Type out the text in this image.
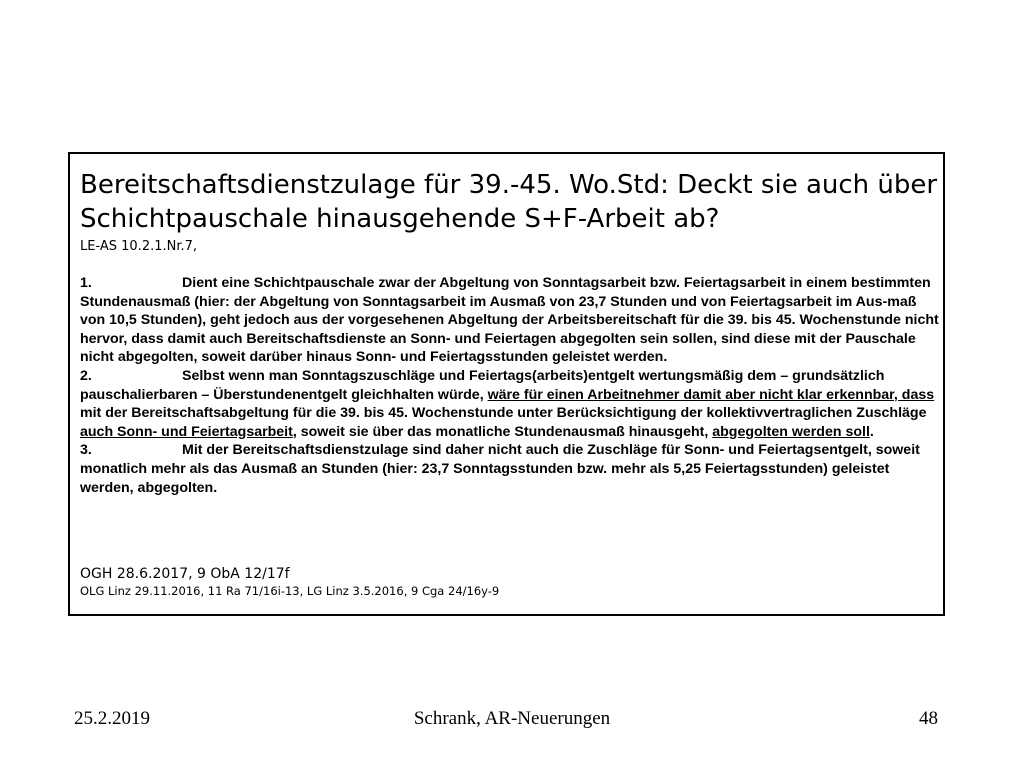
Bereitschaftsdienstzulage für 39.-45. Wo.Std: Deckt sie auch über Schichtpauschale hinausgehende S+F-Arbeit ab?
LE-AS 10.2.1.Nr.7,

1.	Dient eine Schichtpauschale zwar der Abgeltung von Sonntagsarbeit bzw. Feiertagsarbeit in einem bestimmten Stundenausmaß (hier: der Abgeltung von Sonntagsarbeit im Ausmaß von 23,7 Stunden und von Feiertagsarbeit im Aus-maß von 10,5 Stunden), geht jedoch aus der vorgesehenen Abgeltung der Arbeitsbereitschaft für die 39. bis 45. Wochenstunde nicht hervor, dass damit auch Bereitschaftsdienste an Sonn- und Feiertagen abgegolten sein sollen, sind diese mit der Pauschale nicht abgegolten, soweit darüber hinaus Sonn- und Feiertagsstunden geleistet werden.

2.	Selbst wenn man Sonntagszuschläge und Feiertags(arbeits)entgelt wertungsmäßig dem – grundsätzlich pauschalierbaren – Überstundenentgelt gleichhalten würde, wäre für einen Arbeitnehmer damit aber nicht klar erkennbar, dass mit der Bereitschaftsabgeltung für die 39. bis 45. Wochenstunde unter Berücksichtigung der kollektivvertraglichen Zuschläge auch Sonn- und Feiertagsarbeit, soweit sie über das monatliche Stundenausmaß hinausgeht, abgegolten werden soll.

3.	Mit der Bereitschaftsdienstzulage sind daher nicht auch die Zuschläge für Sonn- und Feiertagsentgelt, soweit monatlich mehr als das Ausmaß an Stunden (hier: 23,7 Sonntagsstunden bzw. mehr als 5,25 Feiertagsstunden) geleistet werden, abgegolten.

OGH 28.6.2017, 9 ObA 12/17f
OLG Linz 29.11.2016, 11 Ra 71/16i-13, LG Linz 3.5.2016, 9 Cga 24/16y-9
25.2.2019	Schrank, AR-Neuerungen	48
